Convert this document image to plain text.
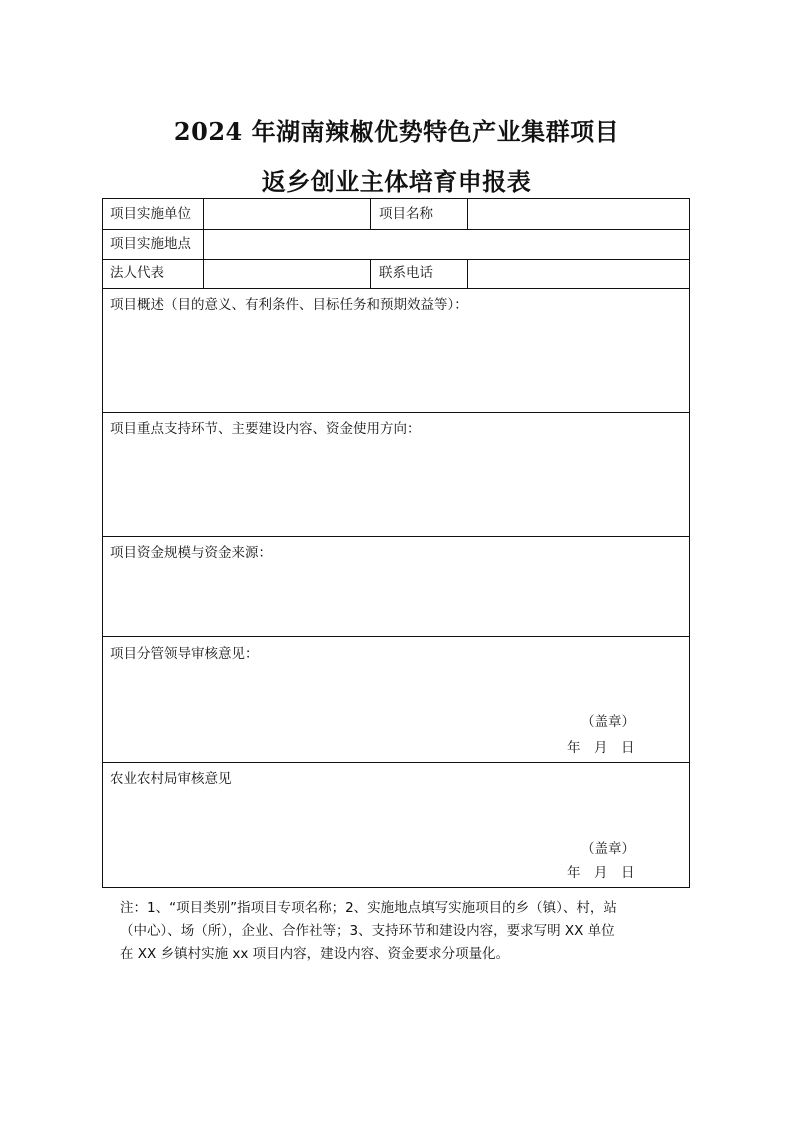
2024 年湖南辣椒优势特色产业集群项目
返乡创业主体培育申报表
项目实施单位	项目名称
项目实施地点
法人代表	联系电话
项目概述（目的意义、有利条件、目标任务和预期效益等）：
项目重点支持环节、主要建设内容、资金使用方向：
项目资金规模与资金来源：
项目分管领导审核意见：
（盖章）
年　月　日
农业农村局审核意见
（盖章）
年　月　日

注：1、“项目类别”指项目专项名称；2、实施地点填写实施项目的乡（镇）、村，站

（中心）、场（所），企业、合作社等；3、支持环节和建设内容，要求写明 XX 单位

在 XX 乡镇村实施 xx 项目内容，建设内容、资金要求分项量化。
